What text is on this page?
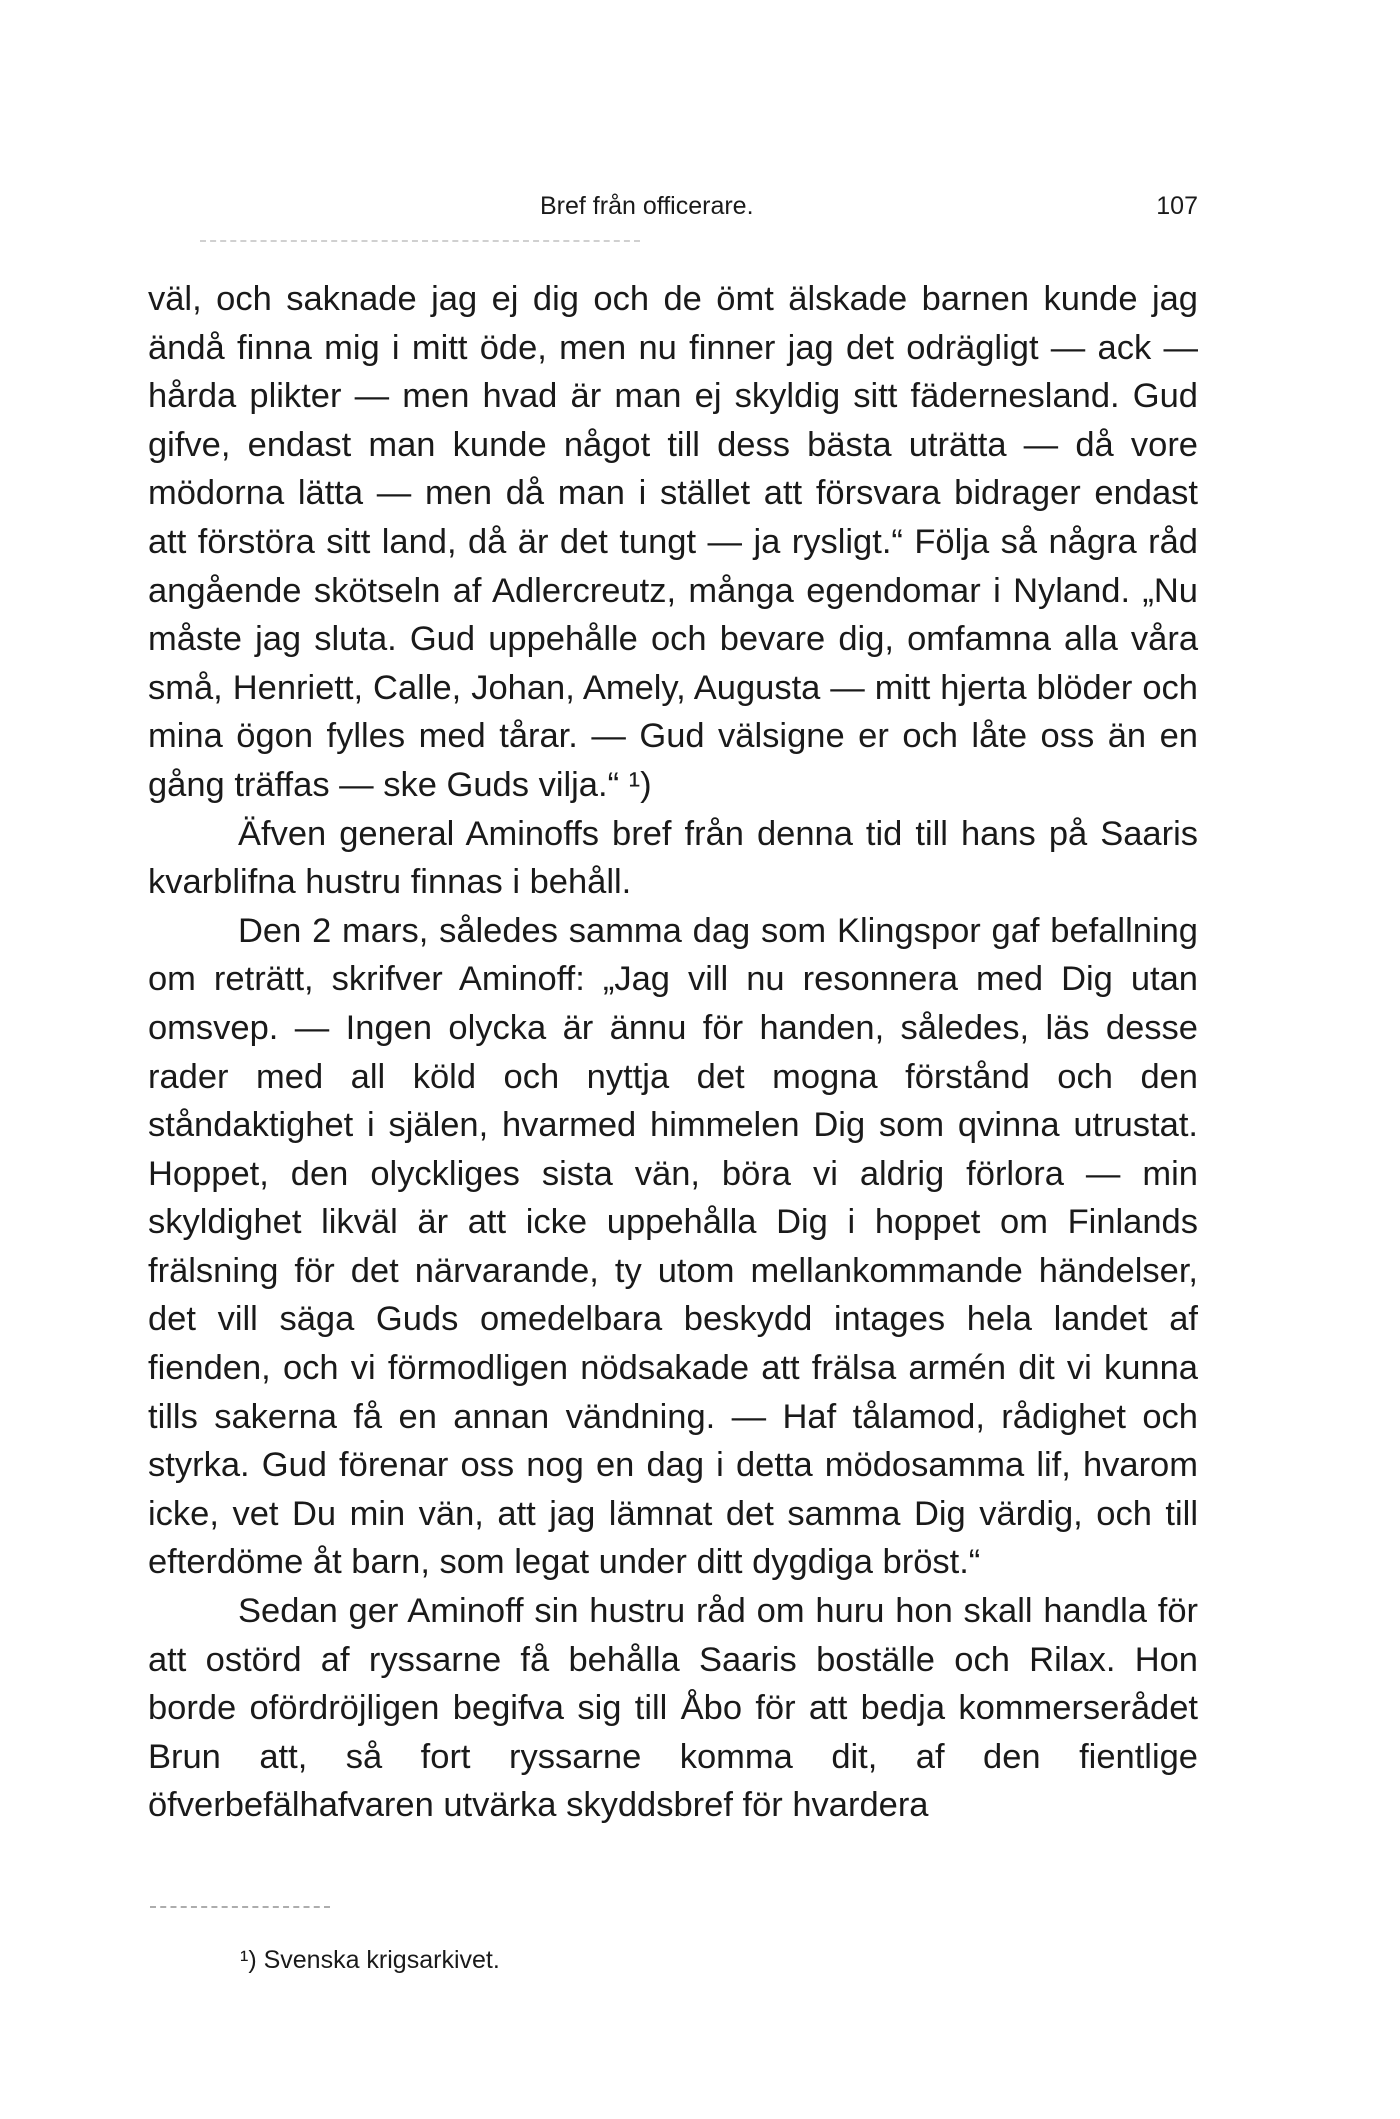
Bref från officerare.	107

väl, och saknade jag ej dig och de ömt älskade barnen kunde jag ändå finna mig i mitt öde, men nu finner jag det odrägligt — ack — hårda plikter — men hvad är man ej skyldig sitt fädernesland. Gud gifve, endast man kunde något till dess bästa uträtta — då vore mödorna lätta — men då man i stället att försvara bidrager endast att förstöra sitt land, då är det tungt — ja rysligt.“ Följa så några råd angående skötseln af Adlercreutz, många egendomar i Nyland. „Nu måste jag sluta. Gud uppehålle och bevare dig, omfamna alla våra små, Henriett, Calle, Johan, Amely, Augusta — mitt hjerta blöder och mina ögon fylles med tårar. — Gud välsigne er och låte oss än en gång träffas — ske Guds vilja.“ ¹)

Äfven general Aminoffs bref från denna tid till hans på Saaris kvarblifna hustru finnas i behåll.

Den 2 mars, således samma dag som Klingspor gaf befallning om reträtt, skrifver Aminoff: „Jag vill nu resonnera med Dig utan omsvep. — Ingen olycka är ännu för handen, således, läs desse rader med all köld och nyttja det mogna förstånd och den ståndaktighet i själen, hvarmed himmelen Dig som qvinna utrustat. Hoppet, den olyckliges sista vän, böra vi aldrig förlora — min skyldighet likväl är att icke uppehålla Dig i hoppet om Finlands frälsning för det närvarande, ty utom mellankommande händelser, det vill säga Guds omedelbara beskydd intages hela landet af fienden, och vi förmodligen nödsakade att frälsa armén dit vi kunna tills sakerna få en annan vändning. — Haf tålamod, rådighet och styrka. Gud förenar oss nog en dag i detta mödosamma lif, hvarom icke, vet Du min vän, att jag lämnat det samma Dig värdig, och till efterdöme åt barn, som legat under ditt dygdiga bröst.“

Sedan ger Aminoff sin hustru råd om huru hon skall handla för att ostörd af ryssarne få behålla Saaris boställe och Rilax. Hon borde ofördröjligen begifva sig till Åbo för att bedja kommerserådet Brun att, så fort ryssarne komma dit, af den fientlige öfverbefälhafvaren utvärka skyddsbref för hvardera

¹) Svenska krigsarkivet.
